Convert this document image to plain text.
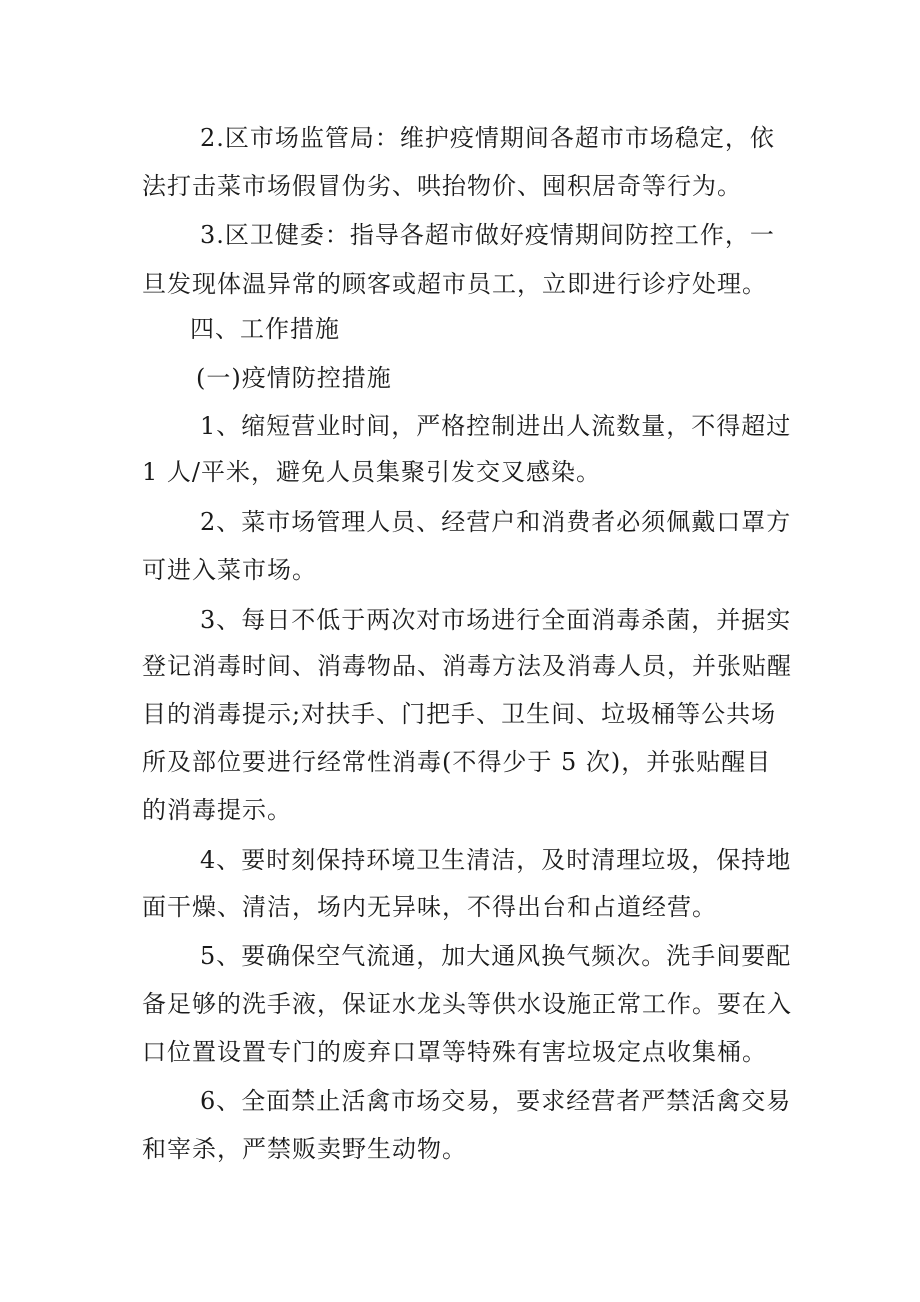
2.区市场监管局：维护疫情期间各超市市场稳定，依
法打击菜市场假冒伪劣、哄抬物价、囤积居奇等行为。
3.区卫健委：指导各超市做好疫情期间防控工作，一
旦发现体温异常的顾客或超市员工，立即进行诊疗处理。
四、工作措施
(一)疫情防控措施
1、缩短营业时间，严格控制进出人流数量，不得超过
1 人/平米，避免人员集聚引发交叉感染。
2、菜市场管理人员、经营户和消费者必须佩戴口罩方
可进入菜市场。
3、每日不低于两次对市场进行全面消毒杀菌，并据实
登记消毒时间、消毒物品、消毒方法及消毒人员，并张贴醒
目的消毒提示;对扶手、门把手、卫生间、垃圾桶等公共场
所及部位要进行经常性消毒(不得少于 5 次)，并张贴醒目
的消毒提示。
4、要时刻保持环境卫生清洁，及时清理垃圾，保持地
面干燥、清洁，场内无异味，不得出台和占道经营。
5、要确保空气流通，加大通风换气频次。洗手间要配
备足够的洗手液，保证水龙头等供水设施正常工作。要在入
口位置设置专门的废弃口罩等特殊有害垃圾定点收集桶。
6、全面禁止活禽市场交易，要求经营者严禁活禽交易
和宰杀，严禁贩卖野生动物。
